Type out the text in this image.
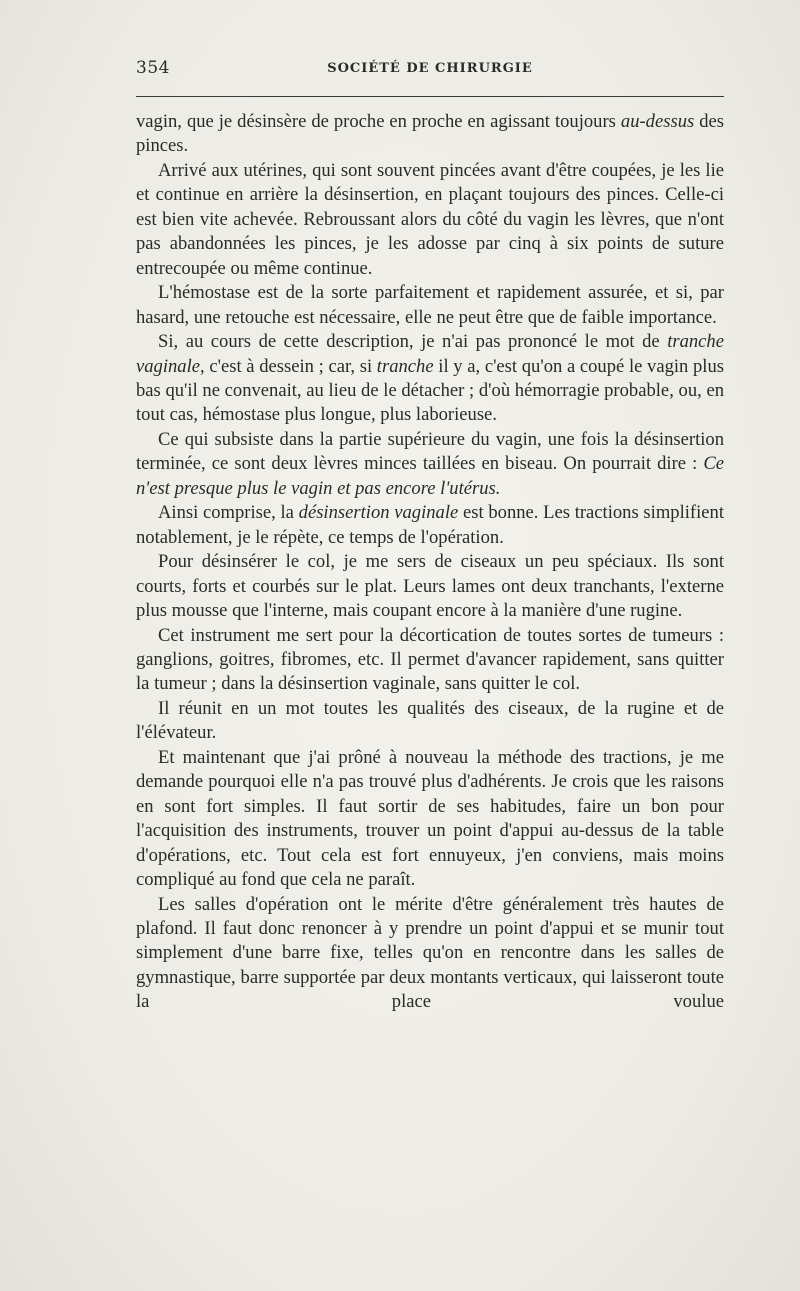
354	SOCIÉTÉ DE CHIRURGIE

vagin, que je désinsère de proche en proche en agissant toujours au-dessus des pinces.

Arrivé aux utérines, qui sont souvent pincées avant d'être coupées, je les lie et continue en arrière la désinsertion, en plaçant toujours des pinces. Celle-ci est bien vite achevée. Rebroussant alors du côté du vagin les lèvres, que n'ont pas abandonnées les pinces, je les adosse par cinq à six points de suture entrecoupée ou même continue.

L'hémostase est de la sorte parfaitement et rapidement assurée, et si, par hasard, une retouche est nécessaire, elle ne peut être que de faible importance.

Si, au cours de cette description, je n'ai pas prononcé le mot de tranche vaginale, c'est à dessein ; car, si tranche il y a, c'est qu'on a coupé le vagin plus bas qu'il ne convenait, au lieu de le détacher ; d'où hémorragie probable, ou, en tout cas, hémostase plus longue, plus laborieuse.

Ce qui subsiste dans la partie supérieure du vagin, une fois la désinsertion terminée, ce sont deux lèvres minces taillées en biseau. On pourrait dire : Ce n'est presque plus le vagin et pas encore l'utérus.

Ainsi comprise, la désinsertion vaginale est bonne. Les tractions simplifient notablement, je le répète, ce temps de l'opération.

Pour désinsérer le col, je me sers de ciseaux un peu spéciaux. Ils sont courts, forts et courbés sur le plat. Leurs lames ont deux tranchants, l'externe plus mousse que l'interne, mais coupant encore à la manière d'une rugine.

Cet instrument me sert pour la décortication de toutes sortes de tumeurs : ganglions, goitres, fibromes, etc. Il permet d'avancer rapidement, sans quitter la tumeur ; dans la désinsertion vaginale, sans quitter le col.

Il réunit en un mot toutes les qualités des ciseaux, de la rugine et de l'élévateur.

Et maintenant que j'ai prôné à nouveau la méthode des tractions, je me demande pourquoi elle n'a pas trouvé plus d'adhérents. Je crois que les raisons en sont fort simples. Il faut sortir de ses habitudes, faire un bon pour l'acquisition des instruments, trouver un point d'appui au-dessus de la table d'opérations, etc. Tout cela est fort ennuyeux, j'en conviens, mais moins compliqué au fond que cela ne paraît.

Les salles d'opération ont le mérite d'être généralement très hautes de plafond. Il faut donc renoncer à y prendre un point d'appui et se munir tout simplement d'une barre fixe, telles qu'on en rencontre dans les salles de gymnastique, barre supportée par deux montants verticaux, qui laisseront toute la place voulue
